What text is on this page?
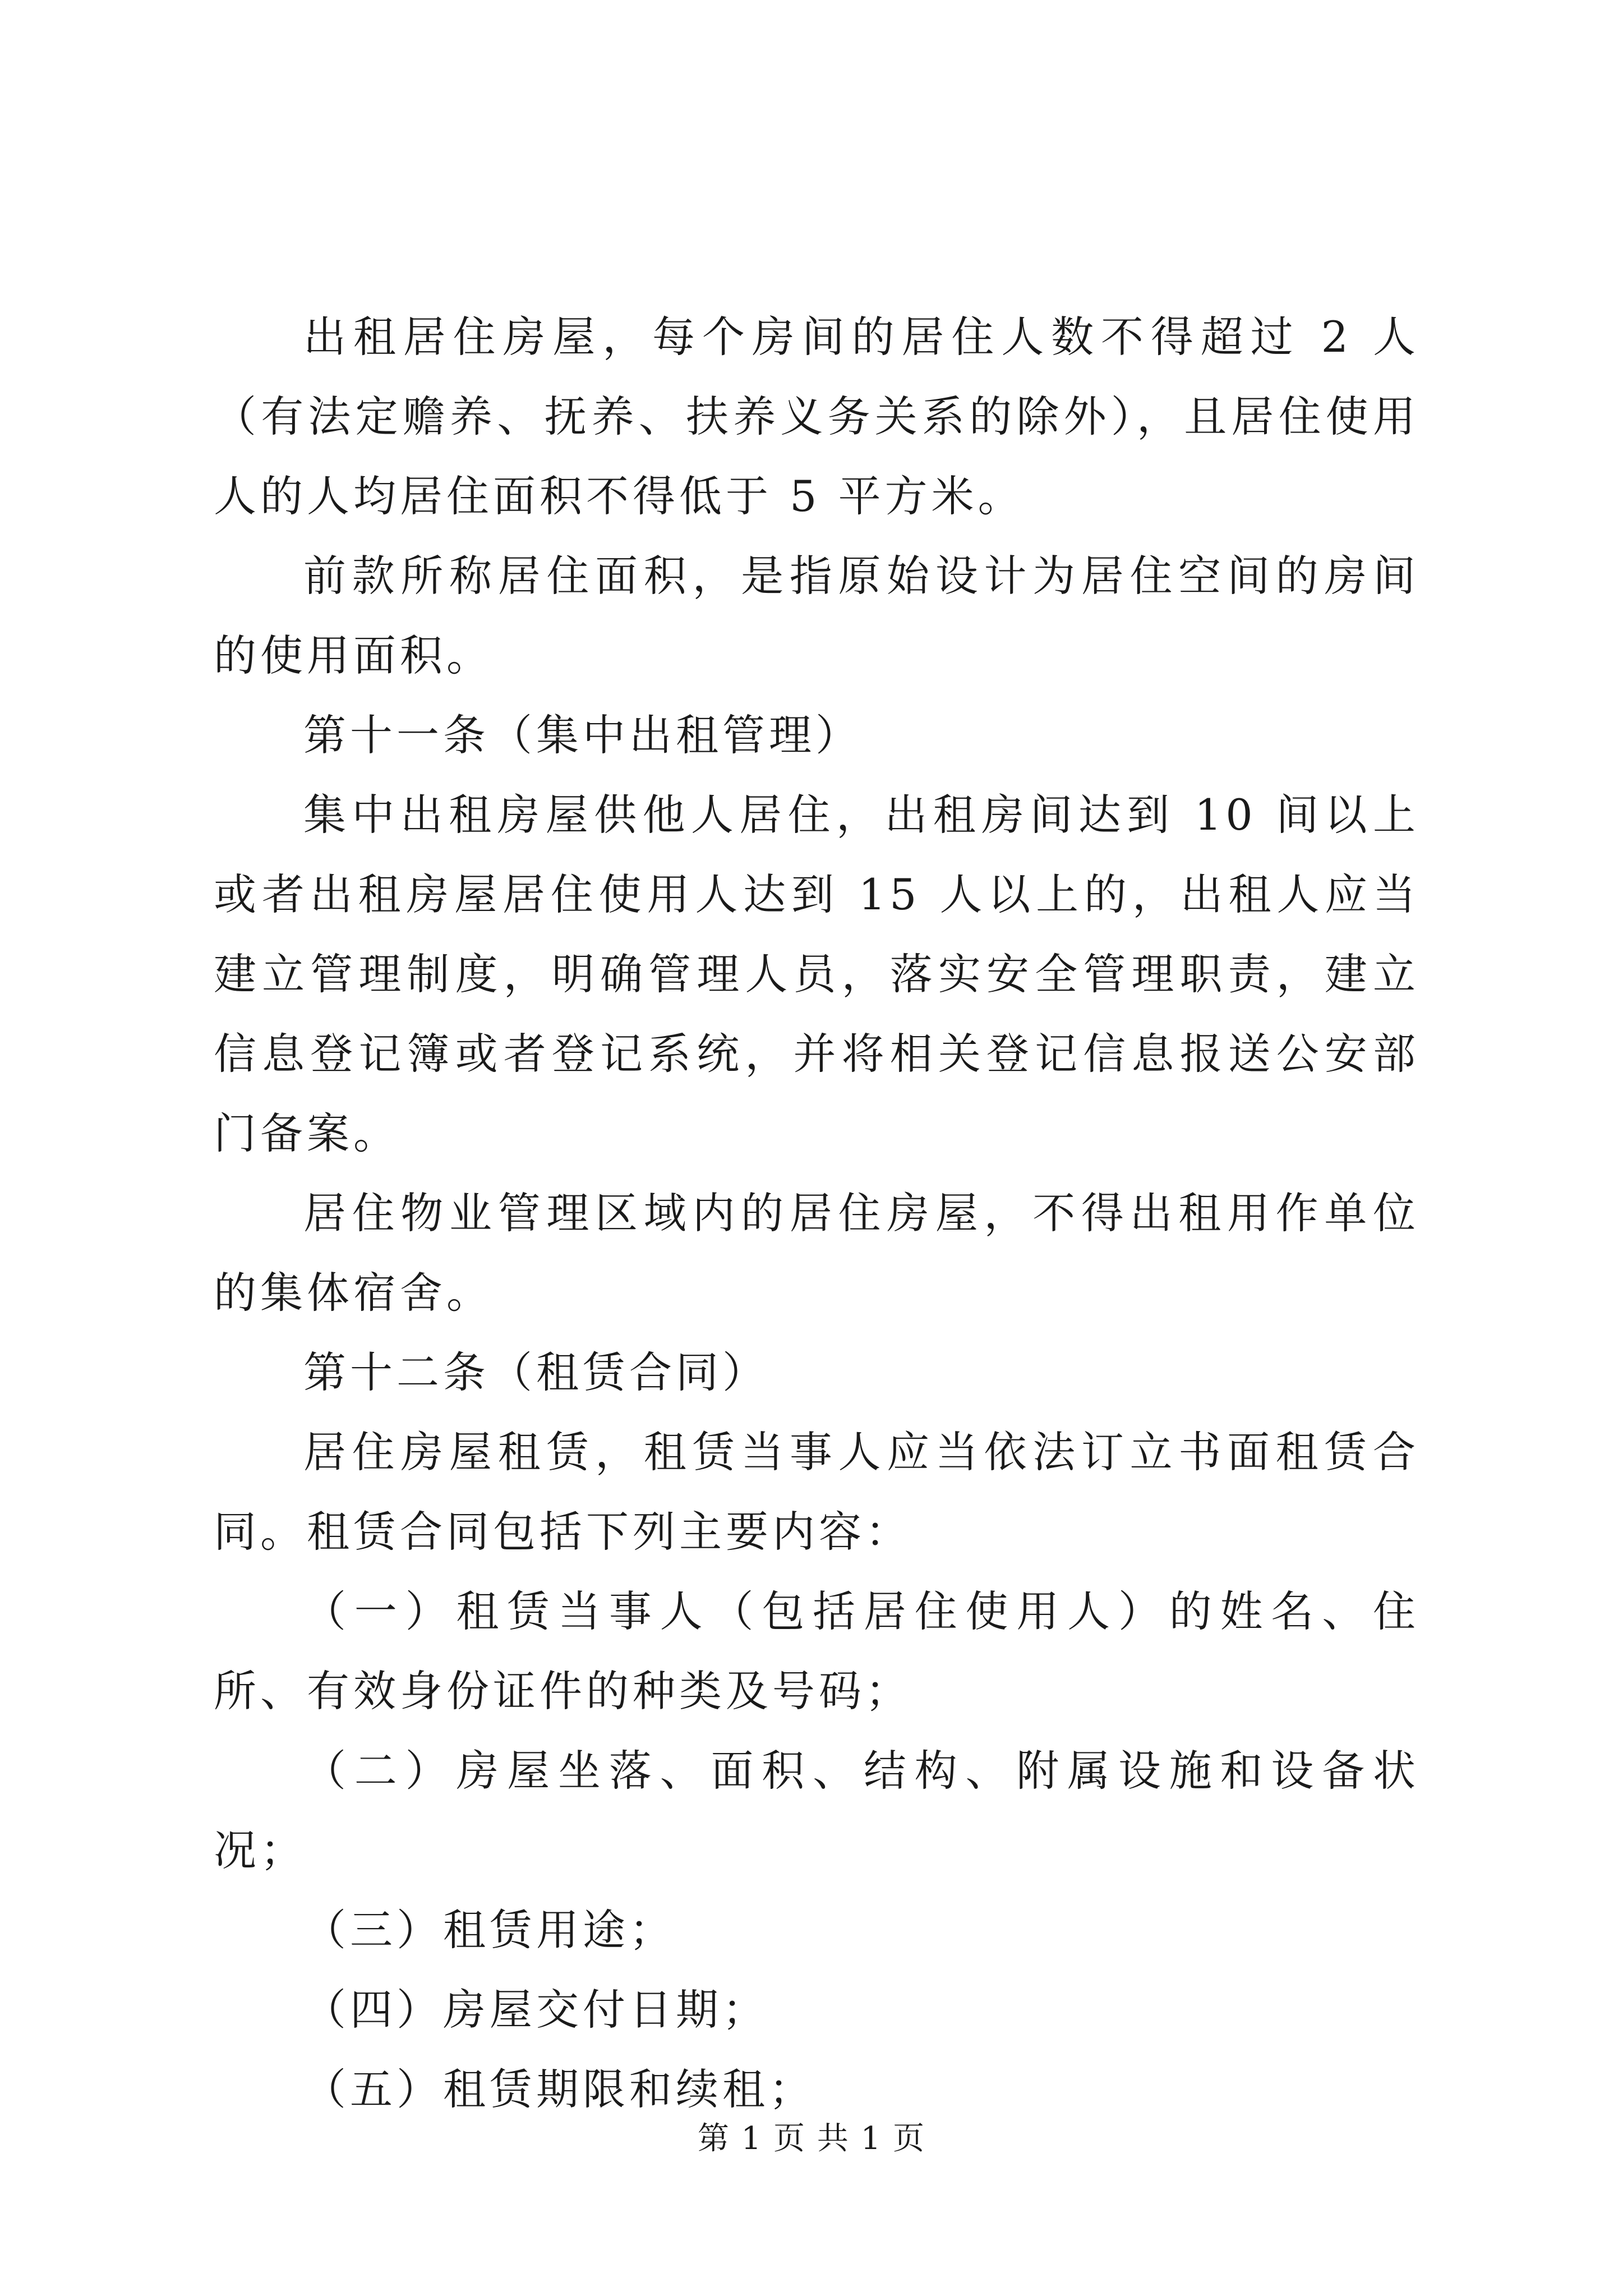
出租居住房屋，每个房间的居住人数不得超过 2 人（有法定赡养、抚养、扶养义务关系的除外），且居住使用人的人均居住面积不得低于 5 平方米。

前款所称居住面积，是指原始设计为居住空间的房间的使用面积。

第十一条（集中出租管理）

集中出租房屋供他人居住，出租房间达到 10 间以上或者出租房屋居住使用人达到 15 人以上的，出租人应当建立管理制度，明确管理人员，落实安全管理职责，建立信息登记簿或者登记系统，并将相关登记信息报送公安部门备案。

居住物业管理区域内的居住房屋，不得出租用作单位的集体宿舍。

第十二条（租赁合同）

居住房屋租赁，租赁当事人应当依法订立书面租赁合同。租赁合同包括下列主要内容：

（一）租赁当事人（包括居住使用人）的姓名、住所、有效身份证件的种类及号码；

（二）房屋坐落、面积、结构、附属设施和设备状况；

（三）租赁用途；

（四）房屋交付日期；

（五）租赁期限和续租；

第 1 页 共 1 页
